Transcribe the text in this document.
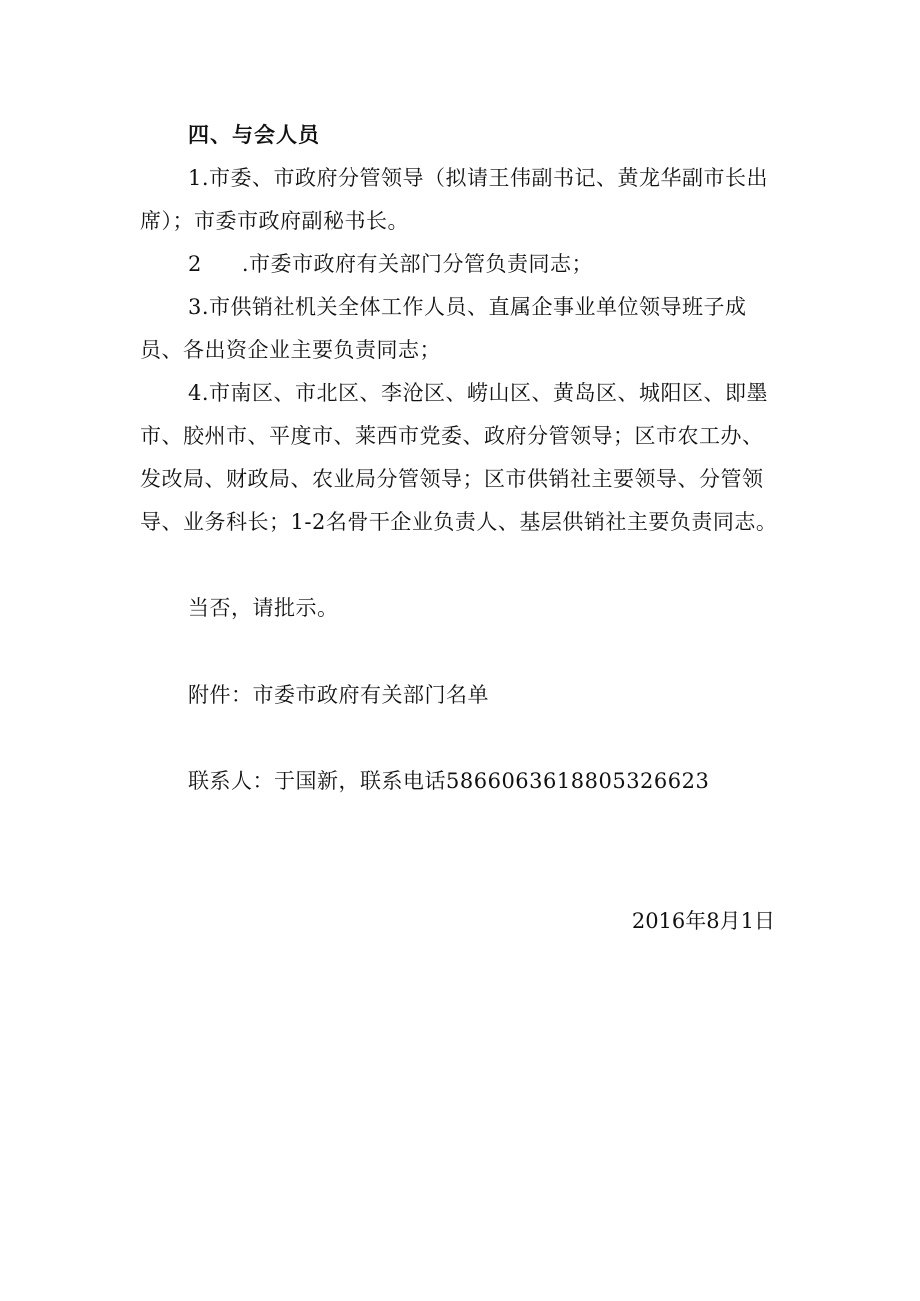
四、与会人员

1.市委、市政府分管领导（拟请王伟副书记、黄龙华副市长出席）；市委市政府副秘书长。

2 .市委市政府有关部门分管负责同志；

3.市供销社机关全体工作人员、直属企事业单位领导班子成员、各出资企业主要负责同志；

4.市南区、市北区、李沧区、崂山区、黄岛区、城阳区、即墨市、胶州市、平度市、莱西市党委、政府分管领导；区市农工办、发改局、财政局、农业局分管领导；区市供销社主要领导、分管领导、业务科长；1-2名骨干企业负责人、基层供销社主要负责同志。

当否，请批示。

附件：市委市政府有关部门名单

联系人：于国新，联系电话5866063618805326623

2016年8月1日
